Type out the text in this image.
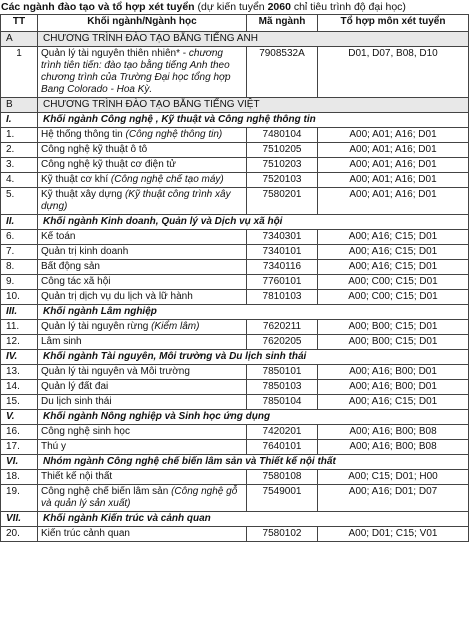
Các ngành đào tạo và tổ hợp xét tuyển (dự kiến tuyển 2060 chỉ tiêu trình độ đại học)
TT	Khối ngành/Ngành học	Mã ngành	Tổ hợp môn xét tuyển
A	CHƯƠNG TRÌNH ĐÀO TẠO BẰNG TIẾNG ANH		
1	Quản lý tài nguyên thiên nhiên* - chương trình tiên tiến: đào tạo bằng tiếng Anh theo chương trình của Trường Đại học tổng hợp Bang Colorado - Hoa Kỳ.	7908532A	D01, D07, B08, D10
B	CHƯƠNG TRÌNH ĐÀO TẠO BẰNG TIẾNG VIỆT		
I.	Khối ngành Công nghệ , Kỹ thuật và Công nghệ thông tin		
1.	Hệ thống thông tin (Công nghệ thông tin)	7480104	A00; A01; A16; D01
2.	Công nghệ kỹ thuật ô tô	7510205	A00; A01; A16; D01
3.	Công nghệ kỹ thuật cơ điện tử	7510203	A00; A01; A16; D01
4.	Kỹ thuật cơ khí (Công nghệ chế tạo máy)	7520103	A00; A01; A16; D01
5.	Kỹ thuật xây dựng (Kỹ thuật công trình xây dựng)	7580201	A00; A01; A16; D01
II.	Khối ngành Kinh doanh, Quản lý và Dịch vụ xã hội		
6.	Kế toán	7340301	A00; A16; C15; D01
7.	Quản trị kinh doanh	7340101	A00; A16; C15; D01
8.	Bất động sản	7340116	A00; A16; C15; D01
9.	Công tác xã hội	7760101	A00; C00; C15; D01
10.	Quản trị dịch vụ du lịch và lữ hành	7810103	A00; C00; C15; D01
III.	Khối ngành Lâm nghiệp		
11.	Quản lý tài nguyên rừng (Kiểm lâm)	7620211	A00; B00; C15; D01
12.	Lâm sinh	7620205	A00; B00; C15; D01
IV.	Khối ngành Tài nguyên, Môi trường và Du lịch sinh thái		
13.	Quản lý tài nguyên và Môi trường	7850101	A00; A16; B00; D01
14.	Quản lý đất đai	7850103	A00; A16; B00; D01
15.	Du lịch sinh thái	7850104	A00; A16; C15; D01
V.	Khối ngành Nông nghiệp và Sinh học ứng dụng		
16.	Công nghệ sinh học	7420201	A00; A16; B00; B08
17.	Thú y	7640101	A00; A16; B00; B08
VI.	Nhóm ngành Công nghệ chế biến lâm sản và Thiết kế nội thất		
18.	Thiết kế nội thất	7580108	A00; C15; D01; H00
19.	Công nghệ chế biến lâm sản (Công nghệ gỗ và quản lý sản xuất)	7549001	A00; A16; D01; D07
VII.	Khối ngành Kiến trúc và cảnh quan		
20.	Kiến trúc cảnh quan	7580102	A00; D01; C15; V01
